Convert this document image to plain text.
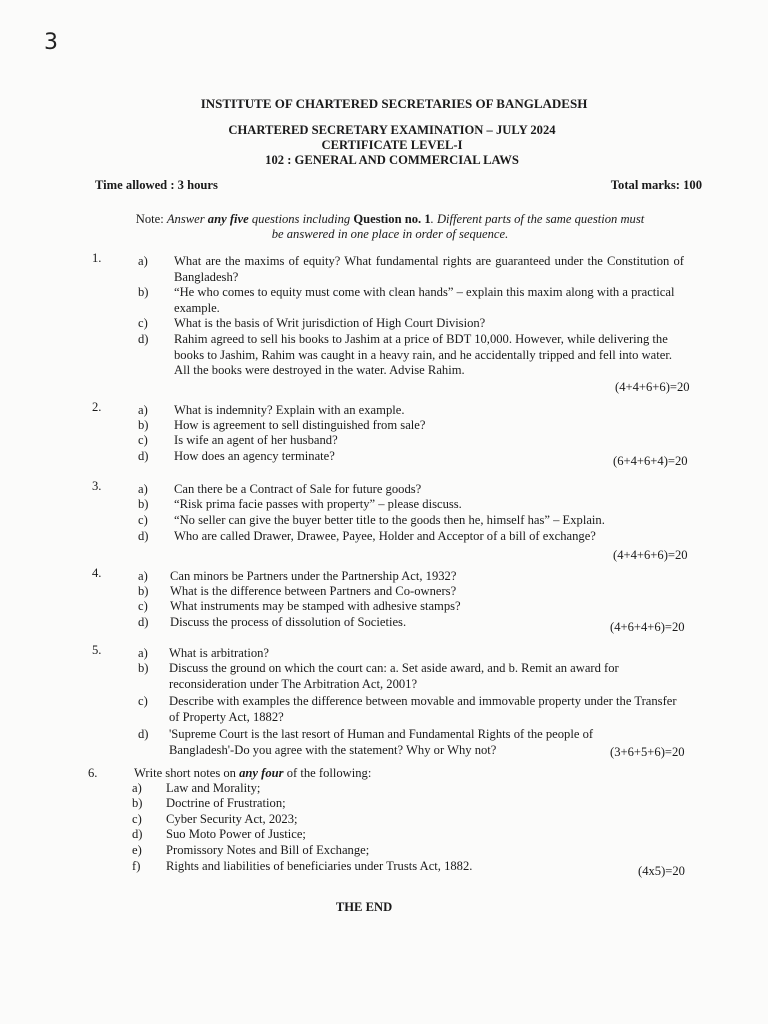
3
INSTITUTE OF CHARTERED SECRETARIES OF BANGLADESH
CHARTERED SECRETARY EXAMINATION – JULY 2024
CERTIFICATE LEVEL-I
102 : GENERAL AND COMMERCIAL LAWS
Time allowed : 3 hours	Total marks: 100
Note: Answer any five questions including Question no. 1. Different parts of the same question must
be answered in one place in order of sequence.
1.	a) What are the maxims of equity? What fundamental rights are guaranteed under the Constitution of Bangladesh?
b) “He who comes to equity must come with clean hands” – explain this maxim along with a practical example.
c) What is the basis of Writ jurisdiction of High Court Division?
d) Rahim agreed to sell his books to Jashim at a price of BDT 10,000. However, while delivering the books to Jashim, Rahim was caught in a heavy rain, and he accidentally tripped and fell into water. All the books were destroyed in the water. Advise Rahim.
(4+4+6+6)=20
2.	a) What is indemnity? Explain with an example.
b) How is agreement to sell distinguished from sale?
c) Is wife an agent of her husband?
d) How does an agency terminate?	(6+4+6+4)=20
3.	a) Can there be a Contract of Sale for future goods?
b) “Risk prima facie passes with property” – please discuss.
c) “No seller can give the buyer better title to the goods then he, himself has” – Explain.
d) Who are called Drawer, Drawee, Payee, Holder and Acceptor of a bill of exchange?
(4+4+6+6)=20
4.	a) Can minors be Partners under the Partnership Act, 1932?
b) What is the difference between Partners and Co-owners?
c) What instruments may be stamped with adhesive stamps?
d) Discuss the process of dissolution of Societies.	(4+6+4+6)=20
5.	a) What is arbitration?
b) Discuss the ground on which the court can: a. Set aside award, and b. Remit an award for reconsideration under The Arbitration Act, 2001?
c) Describe with examples the difference between movable and immovable property under the Transfer of Property Act, 1882?
d) 'Supreme Court is the last resort of Human and Fundamental Rights of the people of Bangladesh'-Do you agree with the statement? Why or Why not?	(3+6+5+6)=20
6.	Write short notes on any four of the following:
a) Law and Morality;
b) Doctrine of Frustration;
c) Cyber Security Act, 2023;
d) Suo Moto Power of Justice;
e) Promissory Notes and Bill of Exchange;
f) Rights and liabilities of beneficiaries under Trusts Act, 1882.	(4x5)=20
THE END
